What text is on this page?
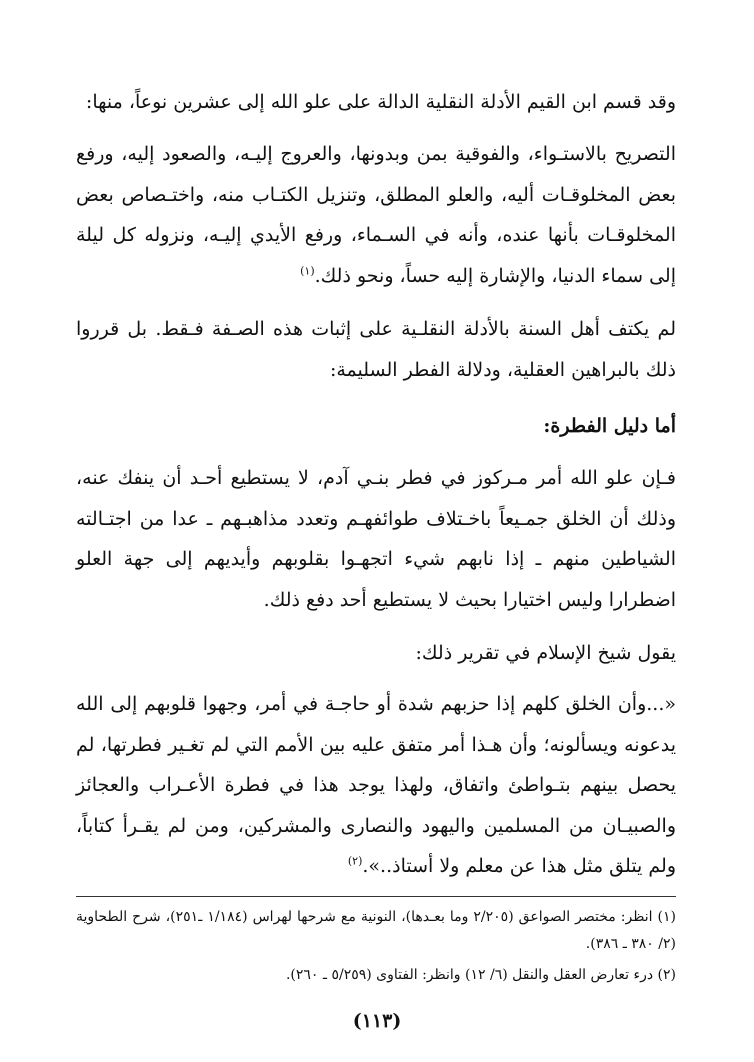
وقد قسم ابن القيم الأدلة النقلية الدالة على علو الله إلى عشرين نوعاً، منها:

التصريح بالاستـواء، والفوقية بمن وبدونها، والعروج إليـه، والصعود إليه، ورفع بعض المخلوقـات أليه، والعلو المطلق، وتنزيل الكتـاب منه، واختـصاص بعض المخلوقـات بأنها عنده، وأنه في السـماء، ورفع الأيدي إليـه، ونزوله كل ليلة إلى سماء الدنيا، والإشارة إليه حساً، ونحو ذلك.$^{(١)}$

لم يكتف أهل السنة بالأدلة النقلـية على إثبات هذه الصـفة فـقط. بل قرروا ذلك بالبراهين العقلية، ودلالة الفطر السليمة:

أما دليل الفطرة:

فـإن علو الله أمر مـركوز في فطر بنـي آدم، لا يستطيع أحـد أن ينفك عنه، وذلك أن الخلق جمـيعاً باخـتلاف طوائفهـم وتعدد مذاهبـهم ـ عدا من اجتـالته الشياطين منهم ـ إذا نابهم شيء اتجهـوا بقلوبهم وأيديهم إلى جهة العلو اضطرارا وليس اختيارا بحيث لا يستطيع أحد دفع ذلك.

يقول شيخ الإسلام في تقرير ذلك:

«...وأن الخلق كلهم إذا حزبهم شدة أو حاجـة في أمر، وجهوا قلوبهم إلى الله يدعونه ويسألونه؛ وأن هـذا أمر متفق عليه بين الأمم التي لم تغـير فطرتها، لم يحصل بينهم بتـواطئ واتفاق، ولهذا يوجد هذا في فطرة الأعـراب والعجائز والصبيـان من المسلمين واليهود والنصارى والمشركين، ومن لم يقـرأ كتاباً، ولم يتلق مثل هذا عن معلم ولا أستاذ..».$^{(٢)}$

(١) انظر: مختصر الصواعق (٢/٢٠٥ وما بعـدها)، النونية مع شرحها لهراس (١/١٨٤ ـ٢٥١)، شرح الطحاوية (٢/ ٣٨٠ ـ ٣٨٦).

(٢) درء تعارض العقل والنقل (٦/ ١٢) وانظر: الفتاوى (٥/٢٥٩ ـ ٢٦٠).

(١١٣)
